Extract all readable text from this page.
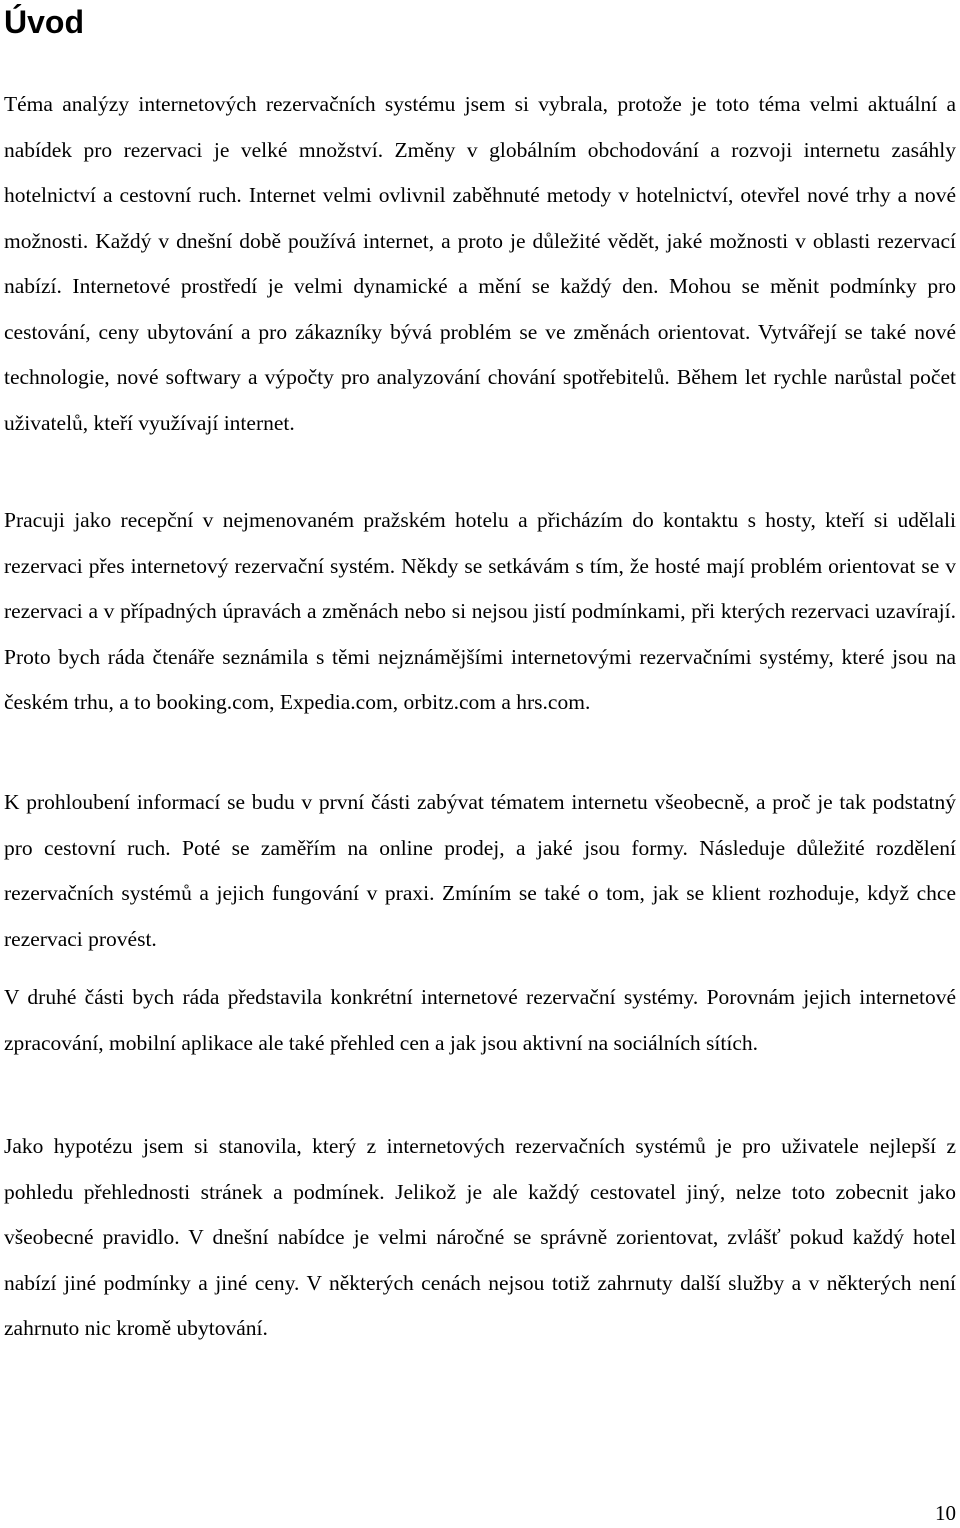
Úvod

Téma analýzy internetových rezervačních systému jsem si vybrala, protože je toto téma velmi aktuální a nabídek pro rezervaci je velké množství. Změny v globálním obchodování a rozvoji internetu zasáhly hotelnictví a cestovní ruch. Internet velmi ovlivnil zaběhnuté metody v hotelnictví, otevřel nové trhy a nové možnosti. Každý v dnešní době používá internet, a proto je důležité vědět, jaké možnosti v oblasti rezervací nabízí. Internetové prostředí je velmi dynamické a mění se každý den. Mohou se měnit podmínky pro cestování, ceny ubytování a pro zákazníky bývá problém se ve změnách orientovat. Vytvářejí se také nové technologie, nové softwary a výpočty pro analyzování chování spotřebitelů. Během let rychle narůstal počet uživatelů, kteří využívají internet.

Pracuji jako recepční v nejmenovaném pražském hotelu a přicházím do kontaktu s hosty, kteří si udělali rezervaci přes internetový rezervační systém. Někdy se setkávám s tím, že hosté mají problém orientovat se v rezervaci a v případných úpravách a změnách nebo si nejsou jistí podmínkami, při kterých rezervaci uzavírají. Proto bych ráda čtenáře seznámila s těmi nejznámějšími internetovými rezervačními systémy, které jsou na českém trhu, a to booking.com, Expedia.com, orbitz.com a hrs.com.

K prohloubení informací se budu v první části zabývat tématem internetu všeobecně, a proč je tak podstatný pro cestovní ruch. Poté se zaměřím na online prodej, a jaké jsou formy. Následuje důležité rozdělení rezervačních systémů a jejich fungování v praxi. Zmíním se také o tom, jak se klient rozhoduje, když chce rezervaci provést.

V druhé části bych ráda představila konkrétní internetové rezervační systémy. Porovnám jejich internetové zpracování, mobilní aplikace ale také přehled cen a jak jsou aktivní na sociálních sítích.

Jako hypotézu jsem si stanovila, který z internetových rezervačních systémů je pro uživatele nejlepší z pohledu přehlednosti stránek a podmínek. Jelikož je ale každý cestovatel jiný, nelze toto zobecnit jako všeobecné pravidlo. V dnešní nabídce je velmi náročné se správně zorientovat, zvlášť pokud každý hotel nabízí jiné podmínky a jiné ceny. V některých cenách nejsou totiž zahrnuty další služby a v některých není zahrnuto nic kromě ubytování.

10
